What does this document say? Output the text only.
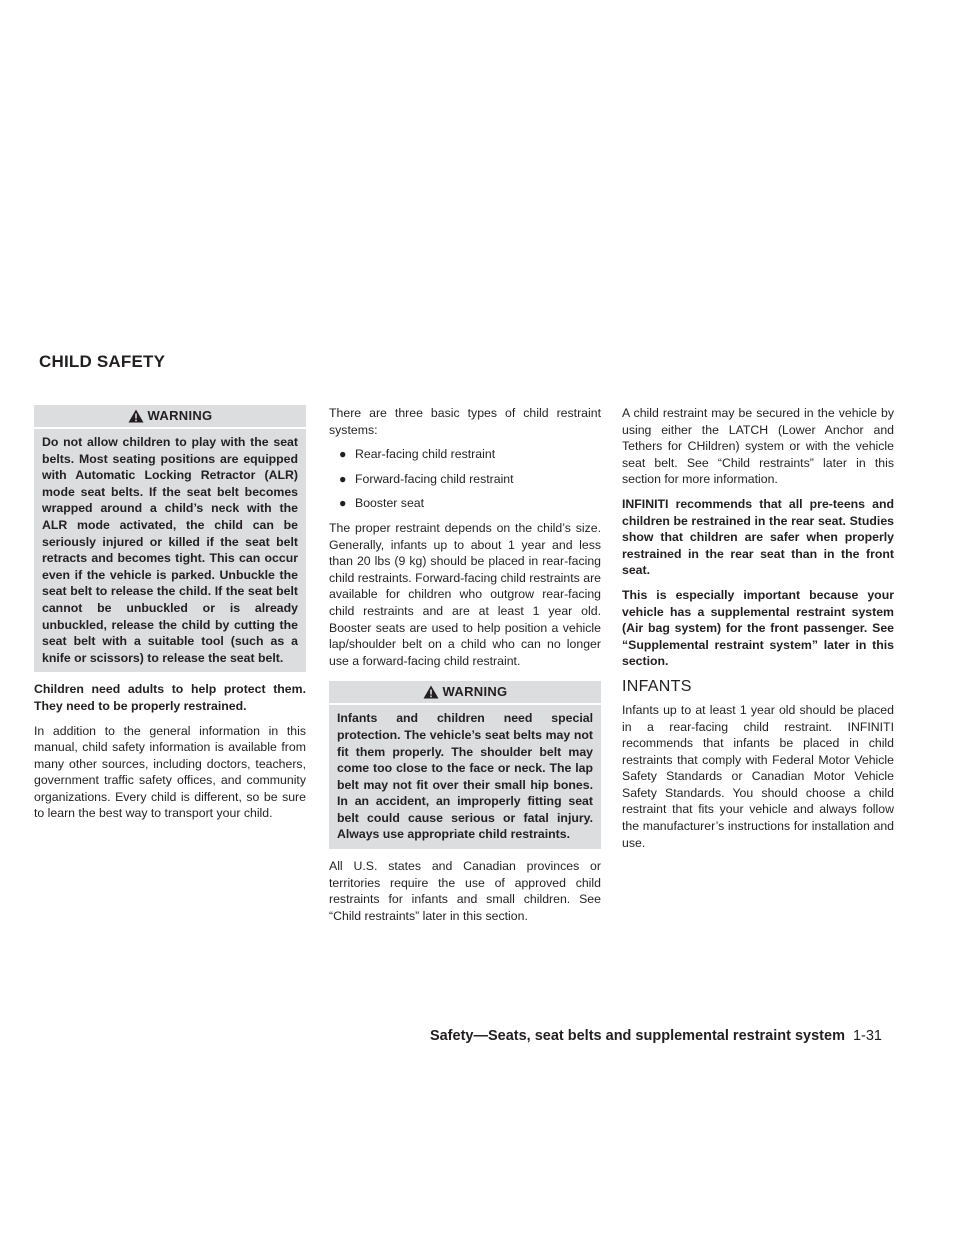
CHILD SAFETY
WARNING

Do not allow children to play with the seat belts. Most seating positions are equipped with Automatic Locking Retractor (ALR) mode seat belts. If the seat belt becomes wrapped around a child’s neck with the ALR mode activated, the child can be seriously injured or killed if the seat belt retracts and becomes tight. This can occur even if the vehicle is parked. Unbuckle the seat belt to release the child. If the seat belt cannot be unbuckled or is already unbuckled, release the child by cutting the seat belt with a suitable tool (such as a knife or scissors) to release the seat belt.

Children need adults to help protect them. They need to be properly restrained.

In addition to the general information in this manual, child safety information is available from many other sources, including doctors, teachers, government traffic safety offices, and community organizations. Every child is different, so be sure to learn the best way to transport your child.

There are three basic types of child restraint systems:

● Rear-facing child restraint
● Forward-facing child restraint
● Booster seat

The proper restraint depends on the child’s size. Generally, infants up to about 1 year and less than 20 lbs (9 kg) should be placed in rear-facing child restraints. Forward-facing child restraints are available for children who outgrow rear-facing child restraints and are at least 1 year old. Booster seats are used to help position a vehicle lap/shoulder belt on a child who can no longer use a forward-facing child restraint.

WARNING

Infants and children need special protection. The vehicle’s seat belts may not fit them properly. The shoulder belt may come too close to the face or neck. The lap belt may not fit over their small hip bones. In an accident, an improperly fitting seat belt could cause serious or fatal injury. Always use appropriate child restraints.

All U.S. states and Canadian provinces or territories require the use of approved child restraints for infants and small children. See “Child restraints” later in this section.

A child restraint may be secured in the vehicle by using either the LATCH (Lower Anchor and Tethers for CHildren) system or with the vehicle seat belt. See “Child restraints” later in this section for more information.

INFINITI recommends that all pre-teens and children be restrained in the rear seat. Studies show that children are safer when properly restrained in the rear seat than in the front seat.

This is especially important because your vehicle has a supplemental restraint system (Air bag system) for the front passenger. See “Supplemental restraint system” later in this section.

INFANTS

Infants up to at least 1 year old should be placed in a rear-facing child restraint. INFINITI recommends that infants be placed in child restraints that comply with Federal Motor Vehicle Safety Standards or Canadian Motor Vehicle Safety Standards. You should choose a child restraint that fits your vehicle and always follow the manufacturer’s instructions for installation and use.

Safety—Seats, seat belts and supplemental restraint system 1-31
